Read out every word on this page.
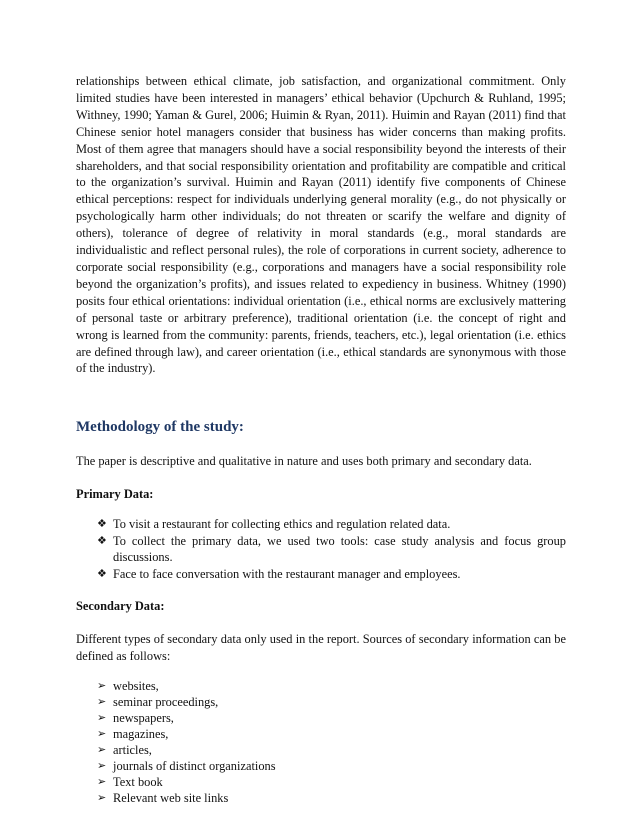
relationships between ethical climate, job satisfaction, and organizational commitment. Only limited studies have been interested in managers’ ethical behavior (Upchurch & Ruhland, 1995; Withney, 1990; Yaman & Gurel, 2006; Huimin & Ryan, 2011). Huimin and Rayan (2011) find that Chinese senior hotel managers consider that business has wider concerns than making profits. Most of them agree that managers should have a social responsibility beyond the interests of their shareholders, and that social responsibility orientation and profitability are compatible and critical to the organization’s survival. Huimin and Rayan (2011) identify five components of Chinese ethical perceptions: respect for individuals underlying general morality (e.g., do not physically or psychologically harm other individuals; do not threaten or scarify the welfare and dignity of others), tolerance of degree of relativity in moral standards (e.g., moral standards are individualistic and reflect personal rules), the role of corporations in current society, adherence to corporate social responsibility (e.g., corporations and managers have a social responsibility role beyond the organization’s profits), and issues related to expediency in business. Whitney (1990) posits four ethical orientations: individual orientation (i.e., ethical norms are exclusively mattering of personal taste or arbitrary preference), traditional orientation (i.e. the concept of right and wrong is learned from the community: parents, friends, teachers, etc.), legal orientation (i.e. ethics are defined through law), and career orientation (i.e., ethical standards are synonymous with those of the industry).

Methodology of the study:

The paper is descriptive and qualitative in nature and uses both primary and secondary data.

Primary Data:
❖ To visit a restaurant for collecting ethics and regulation related data.
❖ To collect the primary data, we used two tools: case study analysis and focus group discussions.
❖ Face to face conversation with the restaurant manager and employees.
Secondary Data:

Different types of secondary data only used in the report. Sources of secondary information can be defined as follows:

➢ websites,
➢ seminar proceedings,
➢ newspapers,
➢ magazines,
➢ articles,
➢ journals of distinct organizations
➢ Text book
➢ Relevant web site links
